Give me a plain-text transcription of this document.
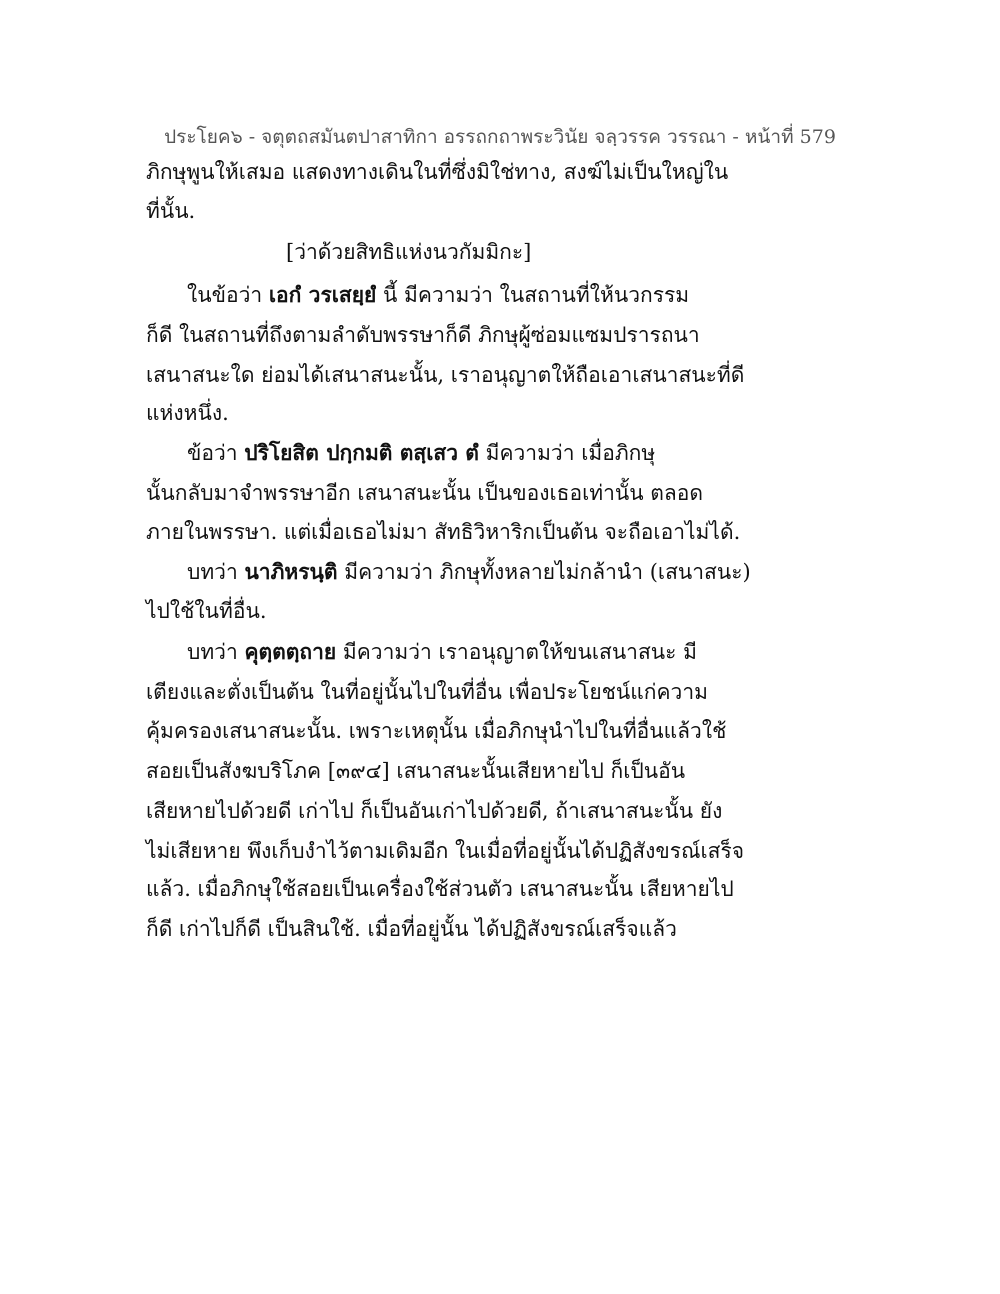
ประโยค๖ - จตุตถสมันตปาสาทิกา อรรถกถาพระวินัย จลฺวรรค วรรณา - หน้าที่ 579
ภิกษุพูนให้เสมอ แสดงทางเดินในที่ซึ่งมิใช่ทาง, สงฆ์ไม่เป็นใหญ่ใน
ที่นั้น.
[ว่าด้วยสิทธิแห่งนวกัมมิกะ]
ในข้อว่า เอกํ วรเสยฺยํ นี้ มีความว่า ในสถานที่ให้นวกรรม
ก็ดี ในสถานที่ถึงตามลำดับพรรษาก็ดี ภิกษุผู้ซ่อมแซมปรารถนา
เสนาสนะใด ย่อมได้เสนาสนะนั้น, เราอนุญาตให้ถือเอาเสนาสนะที่ดี
แห่งหนึ่ง.
ข้อว่า ปริโยสิต ปกฺกมติ ตสฺเสว ตํ มีความว่า เมื่อภิกษุ
นั้นกลับมาจำพรรษาอีก เสนาสนะนั้น เป็นของเธอเท่านั้น ตลอด
ภายในพรรษา. แต่เมื่อเธอไม่มา สัทธิวิหาริกเป็นต้น จะถือเอาไม่ได้.
บทว่า นาภิหรนฺติ มีความว่า ภิกษุทั้งหลายไม่กล้านำ (เสนาสนะ)
ไปใช้ในที่อื่น.
บทว่า คุตฺตตฺถาย มีความว่า เราอนุญาตให้ขนเสนาสนะ มี
เตียงและตั่งเป็นต้น ในที่อยู่นั้นไปในที่อื่น เพื่อประโยชน์แก่ความ
คุ้มครองเสนาสนะนั้น. เพราะเหตุนั้น เมื่อภิกษุนำไปในที่อื่นแล้วใช้
สอยเป็นสังฆบริโภค [๓๙๔] เสนาสนะนั้นเสียหายไป ก็เป็นอัน
เสียหายไปด้วยดี เก่าไป ก็เป็นอันเก่าไปด้วยดี, ถ้าเสนาสนะนั้น ยัง
ไม่เสียหาย พึงเก็บงำไว้ตามเดิมอีก ในเมื่อที่อยู่นั้นได้ปฏิสังขรณ์เสร็จ
แล้ว. เมื่อภิกษุใช้สอยเป็นเครื่องใช้ส่วนตัว เสนาสนะนั้น เสียหายไป
ก็ดี เก่าไปก็ดี เป็นสินใช้. เมื่อที่อยู่นั้น ได้ปฏิสังขรณ์เสร็จแล้ว
